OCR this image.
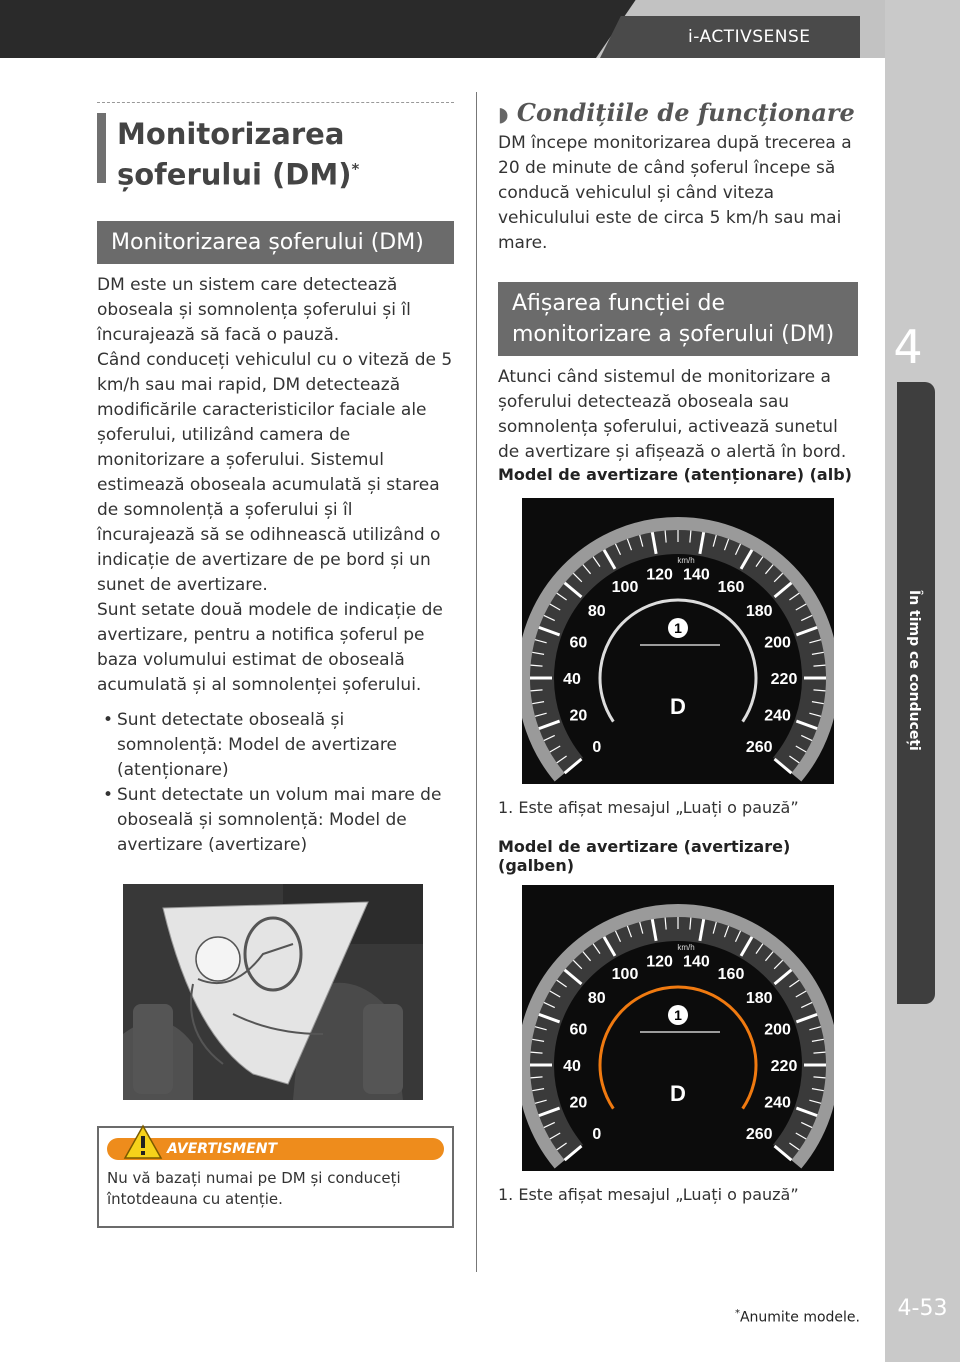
i-ACTIVSENSE
4
În timp ce conduceți
4-53
Monitorizarea șoferului (DM)*
Monitorizarea șoferului (DM)

DM este un sistem care detectează oboseala și somnolența șoferului și îl încurajează să facă o pauză.

Când conduceți vehiculul cu o viteză de 5 km/h sau mai rapid, DM detectează modificările caracteristicilor faciale ale șoferului, utilizând camera de monitorizare a șoferului. Sistemul estimează oboseala acumulată și starea de somnolență a șoferului și îl încurajează să se odihnească utilizând o indicație de avertizare de pe bord și un sunet de avertizare.

Sunt setate două modele de indicație de avertizare, pentru a notifica șoferul pe baza volumului estimat de oboseală acumulată și al somnolenței șoferului.

• Sunt detectate oboseală și somnolență: Model de avertizare (atenționare)
• Sunt detectate un volum mai mare de oboseală și somnolență: Model de avertizare (avertizare)
AVERTISMENT

Nu vă bazați numai pe DM și conduceți întotdeauna cu atenție.

◗ Condițiile de funcționare

DM începe monitorizarea după trecerea a 20 de minute de când șoferul începe să conducă vehiculul și când viteza vehiculului este de circa 5 km/h sau mai mare.

Afișarea funcției de monitorizare a șoferului (DM)

Atunci când sistemul de monitorizare a șoferului detectează oboseala sau somnolența șoferului, activează sunetul de avertizare și afișează o alertă în bord.

Model de avertizare (atenționare) (alb)
0
20
40
60
80
100
120 140
160
180
200
220
240
260
km/h
1
D
1. Este afișat mesajul „Luați o pauză”
Model de avertizare (avertizare) (galben)
0
20
40
60
80
100
120 140
160
180
200
220
240
260
km/h
1
D
1. Este afișat mesajul „Luați o pauză”
*Anumite modele.
